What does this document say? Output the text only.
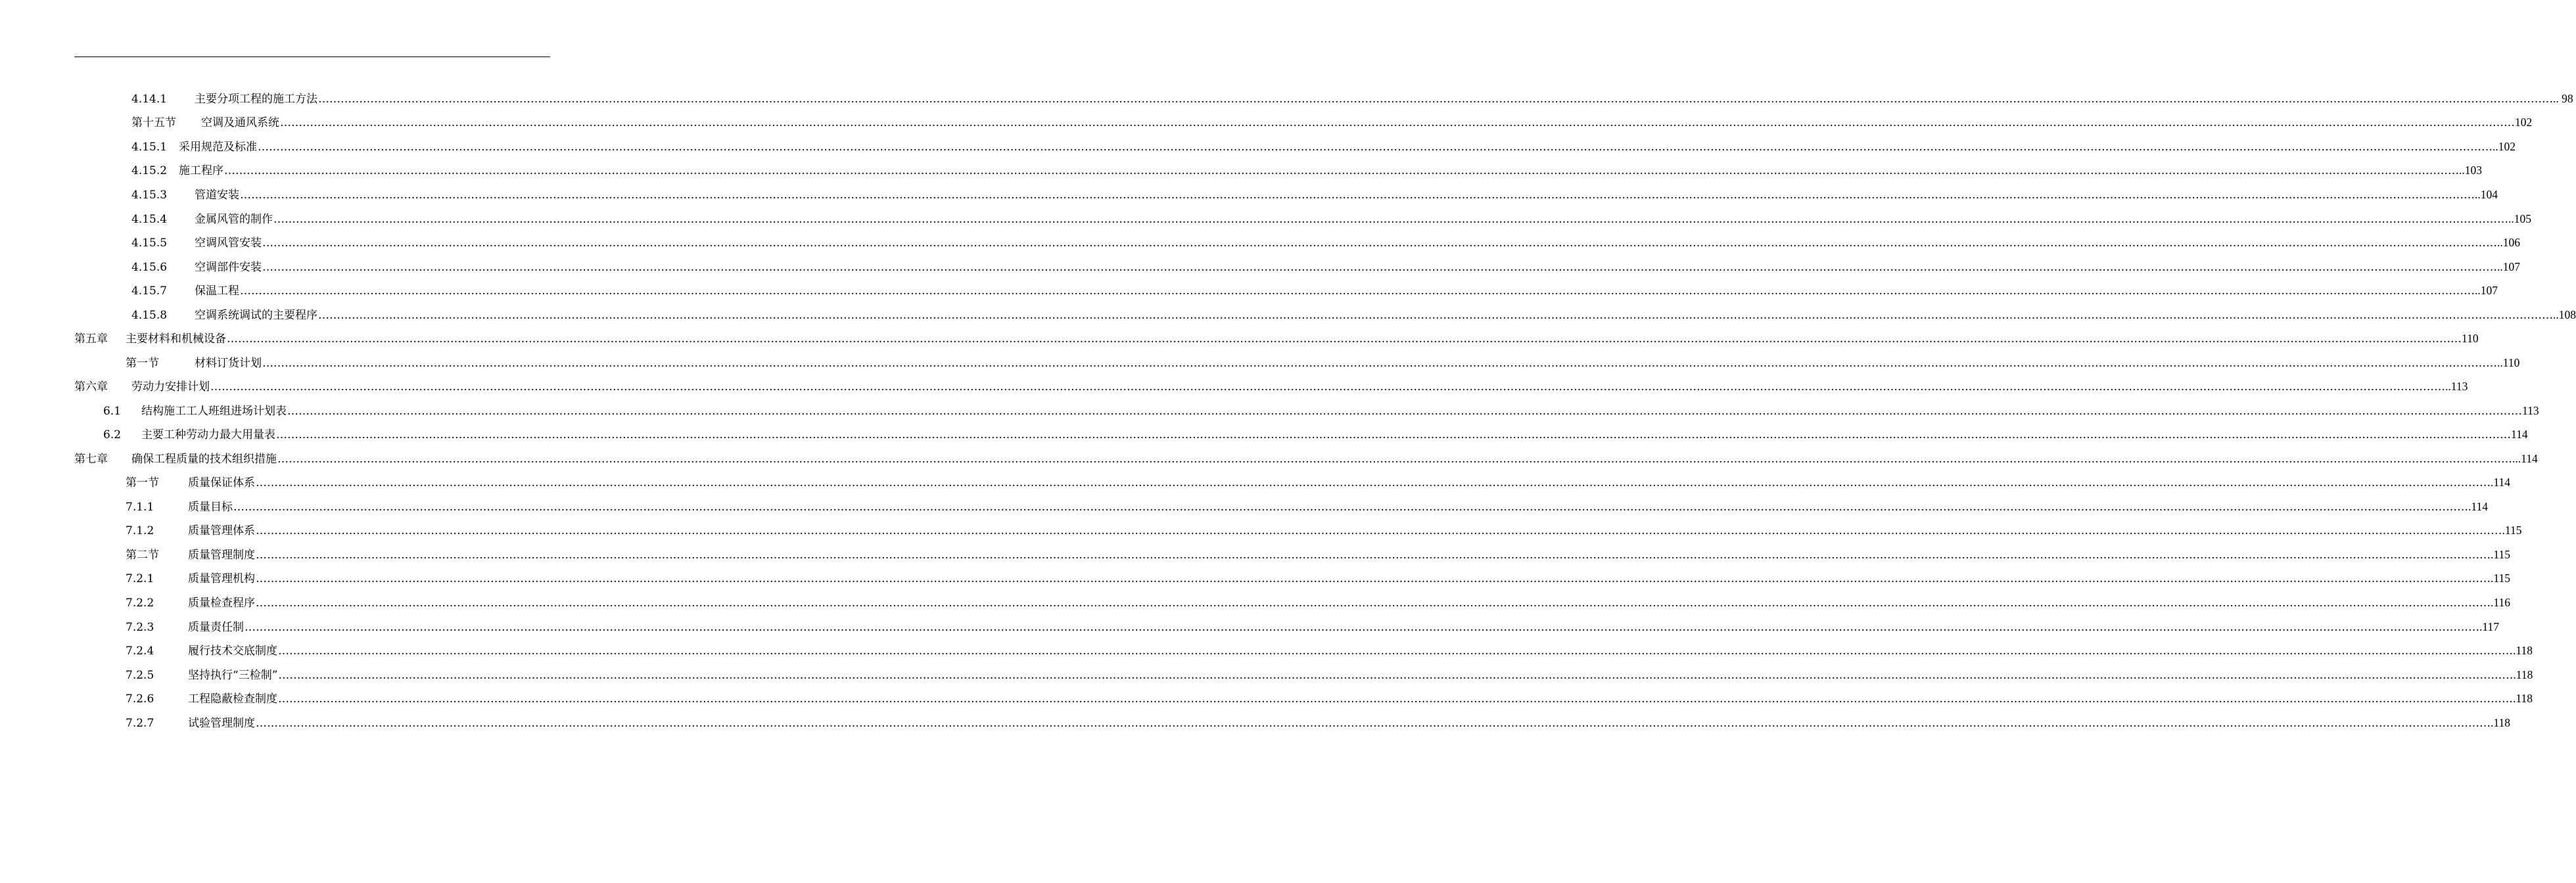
4.14.1	主要分项工程的施工方法 …………………………………………………………………………………………………………………………………………………………………………………………………………………………………………………………………………………………………………………………………………………………………………………………………………………………………………………………………………………………………………………………………………………… .. 98
第十五节	空调及通风系统 …………………………………………………………………………………………………………………………………………………………………………………………………………………………………………………………………………………………………………………………………………………………………………………………………………………………………………………………………………………………………………………………………………………… 102
4.15.1	采用规范及标准 …………………………………………………………………………………………………………………………………………………………………………………………………………………………………………………………………………………………………………………………………………………………………………………………………………………………………………………………………………………………………………………………………………………… ..102
4.15.2	施工程序 …………………………………………………………………………………………………………………………………………………………………………………………………………………………………………………………………………………………………………………………………………………………………………………………………………………………………………………………………………………………………………………………………………………… ..103
4.15.3	管道安装 …………………………………………………………………………………………………………………………………………………………………………………………………………………………………………………………………………………………………………………………………………………………………………………………………………………………………………………………………………………………………………………………………………………… ..104
4.15.4	金属风管的制作 …………………………………………………………………………………………………………………………………………………………………………………………………………………………………………………………………………………………………………………………………………………………………………………………………………………………………………………………………………………………………………………………………………………… ..105
4.15.5	空调风管安装 …………………………………………………………………………………………………………………………………………………………………………………………………………………………………………………………………………………………………………………………………………………………………………………………………………………………………………………………………………………………………………………………………………………… ..106
4.15.6	空调部件安装 …………………………………………………………………………………………………………………………………………………………………………………………………………………………………………………………………………………………………………………………………………………………………………………………………………………………………………………………………………………………………………………………………………………… ..107
4.15.7	保温工程 …………………………………………………………………………………………………………………………………………………………………………………………………………………………………………………………………………………………………………………………………………………………………………………………………………………………………………………………………………………………………………………………………………………… ..107
4.15.8	空调系统调试的主要程序 …………………………………………………………………………………………………………………………………………………………………………………………………………………………………………………………………………………………………………………………………………………………………………………………………………………………………………………………………………………………………………………………………………………… ..108
第五章	主要材料和机械设备 …………………………………………………………………………………………………………………………………………………………………………………………………………………………………………………………………………………………………………………………………………………………………………………………………………………………………………………………………………………………………………………………………………………… 110
第一节	材料订货计划 …………………………………………………………………………………………………………………………………………………………………………………………………………………………………………………………………………………………………………………………………………………………………………………………………………………………………………………………………………………………………………………………………………………… ..110
第六章	劳动力安排计划 …………………………………………………………………………………………………………………………………………………………………………………………………………………………………………………………………………………………………………………………………………………………………………………………………………………………………………………………………………………………………………………………………………………… ..113
6.1	结构施工工人班组进场计划表 …………………………………………………………………………………………………………………………………………………………………………………………………………………………………………………………………………………………………………………………………………………………………………………………………………………………………………………………………………………………………………………………………………………… 113
6.2	主要工种劳动力最大用量表 …………………………………………………………………………………………………………………………………………………………………………………………………………………………………………………………………………………………………………………………………………………………………………………………………………………………………………………………………………………………………………………………………………………… 114
第七章	确保工程质量的技术组织措施 …………………………………………………………………………………………………………………………………………………………………………………………………………………………………………………………………………………………………………………………………………………………………………………………………………………………………………………………………………………………………………………………………………………… ...114
第一节	质量保证体系 …………………………………………………………………………………………………………………………………………………………………………………………………………………………………………………………………………………………………………………………………………………………………………………………………………………………………………………………………………………………………………………………………………………… .114
7.1.1	质量目标 …………………………………………………………………………………………………………………………………………………………………………………………………………………………………………………………………………………………………………………………………………………………………………………………………………………………………………………………………………………………………………………………………………………… .114
7.1.2	质量管理体系 …………………………………………………………………………………………………………………………………………………………………………………………………………………………………………………………………………………………………………………………………………………………………………………………………………………………………………………………………………………………………………………………………………………… ….115
第二节	质量管理制度 …………………………………………………………………………………………………………………………………………………………………………………………………………………………………………………………………………………………………………………………………………………………………………………………………………………………………………………………………………………………………………………………………………………… .115
7.2.1	质量管理机构 …………………………………………………………………………………………………………………………………………………………………………………………………………………………………………………………………………………………………………………………………………………………………………………………………………………………………………………………………………………………………………………………………………………… .115
7.2.2	质量检查程序 …………………………………………………………………………………………………………………………………………………………………………………………………………………………………………………………………………………………………………………………………………………………………………………………………………………………………………………………………………………………………………………………………………………… .116
7.2.3	质量责任制 …………………………………………………………………………………………………………………………………………………………………………………………………………………………………………………………………………………………………………………………………………………………………………………………………………………………………………………………………………………………………………………………………………………… .117
7.2.4	履行技术交底制度 …………………………………………………………………………………………………………………………………………………………………………………………………………………………………………………………………………………………………………………………………………………………………………………………………………………………………………………………………………………………………………………………………………………… .118
7.2.5	坚持执行“三检制” …………………………………………………………………………………………………………………………………………………………………………………………………………………………………………………………………………………………………………………………………………………………………………………………………………………………………………………………………………………………………………………………………………………… .118
7.2.6	工程隐蔽检查制度 …………………………………………………………………………………………………………………………………………………………………………………………………………………………………………………………………………………………………………………………………………………………………………………………………………………………………………………………………………………………………………………………………………………… .118
7.2.7	试验管理制度 …………………………………………………………………………………………………………………………………………………………………………………………………………………………………………………………………………………………………………………………………………………………………………………………………………………………………………………………………………………………………………………………………………………… .118
